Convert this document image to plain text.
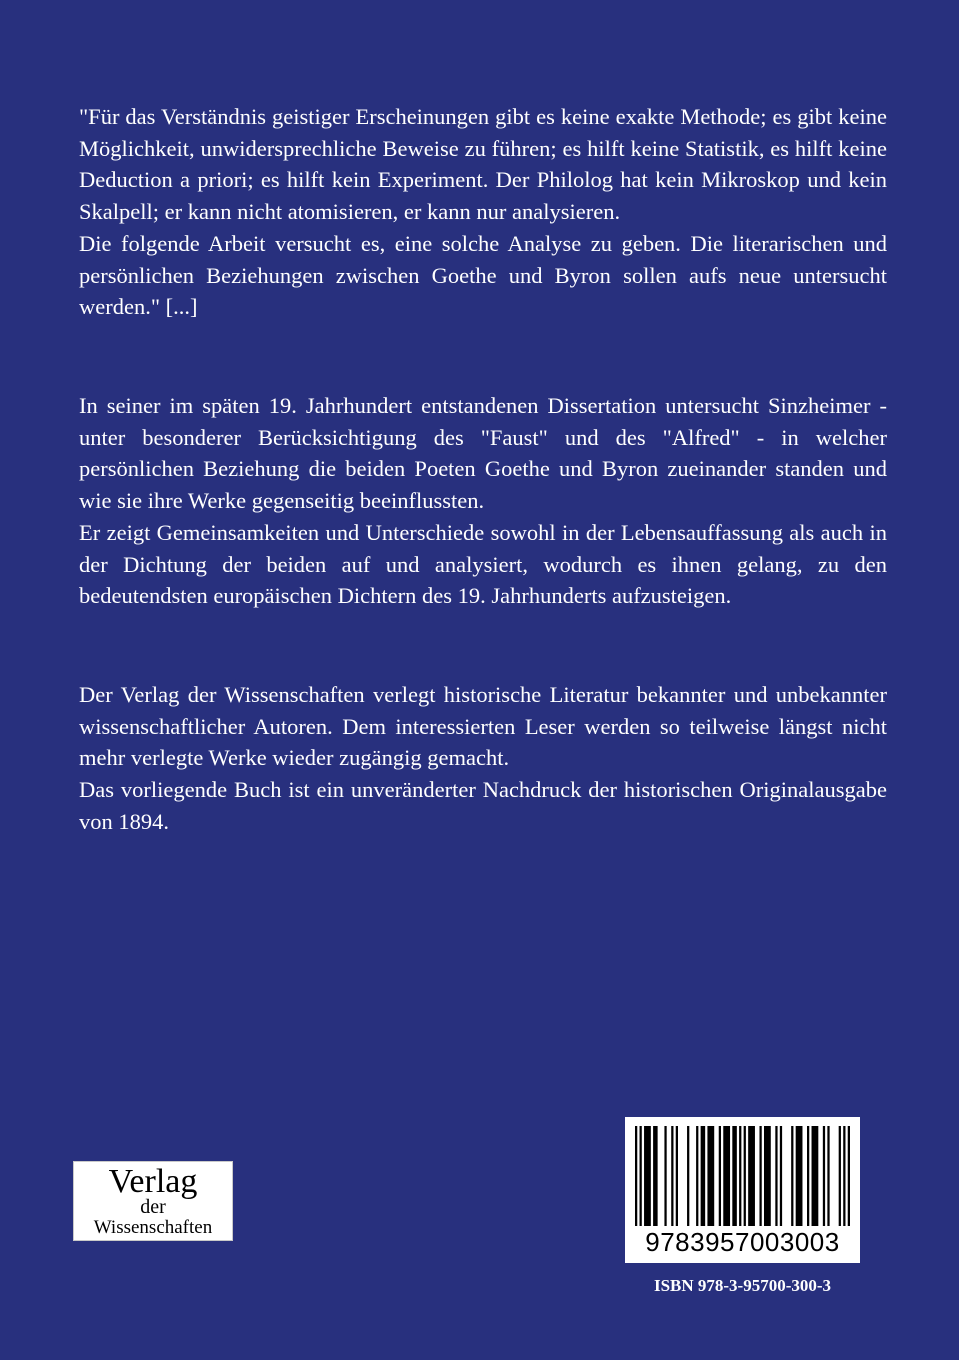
"Für das Verständnis geistiger Erscheinungen gibt es keine exakte Methode; es gibt keine Möglichkeit, unwidersprechliche Beweise zu führen; es hilft keine Statistik, es hilft keine Deduction a priori; es hilft kein Experiment. Der Philolog hat kein Mikroskop und kein Skalpell; er kann nicht atomisieren, er kann nur analysieren.

Die folgende Arbeit versucht es, eine solche Analyse zu geben. Die literarischen und persönlichen Beziehungen zwischen Goethe und Byron sollen aufs neue untersucht werden." [...]

In seiner im späten 19. Jahrhundert entstandenen Dissertation untersucht Sinzheimer - unter besonderer Berücksichtigung des "Faust" und des "Alfred" - in welcher persönlichen Beziehung die beiden Poeten Goethe und Byron zueinander standen und wie sie ihre Werke gegenseitig beeinflussten.

Er zeigt Gemeinsamkeiten und Unterschiede sowohl in der Lebensauffassung als auch in der Dichtung der beiden auf und analysiert, wodurch es ihnen gelang, zu den bedeutendsten europäischen Dichtern des 19. Jahrhunderts aufzusteigen.

Der Verlag der Wissenschaften verlegt historische Literatur bekannter und unbekannter wissenschaftlicher Autoren. Dem interessierten Leser werden so teilweise längst nicht mehr verlegte Werke wieder zugängig gemacht.

Das vorliegende Buch ist ein unveränderter Nachdruck der historischen Originalausgabe von 1894.

Verlag
der
Wissenschaften	9783957003003
ISBN 978-3-95700-300-3
